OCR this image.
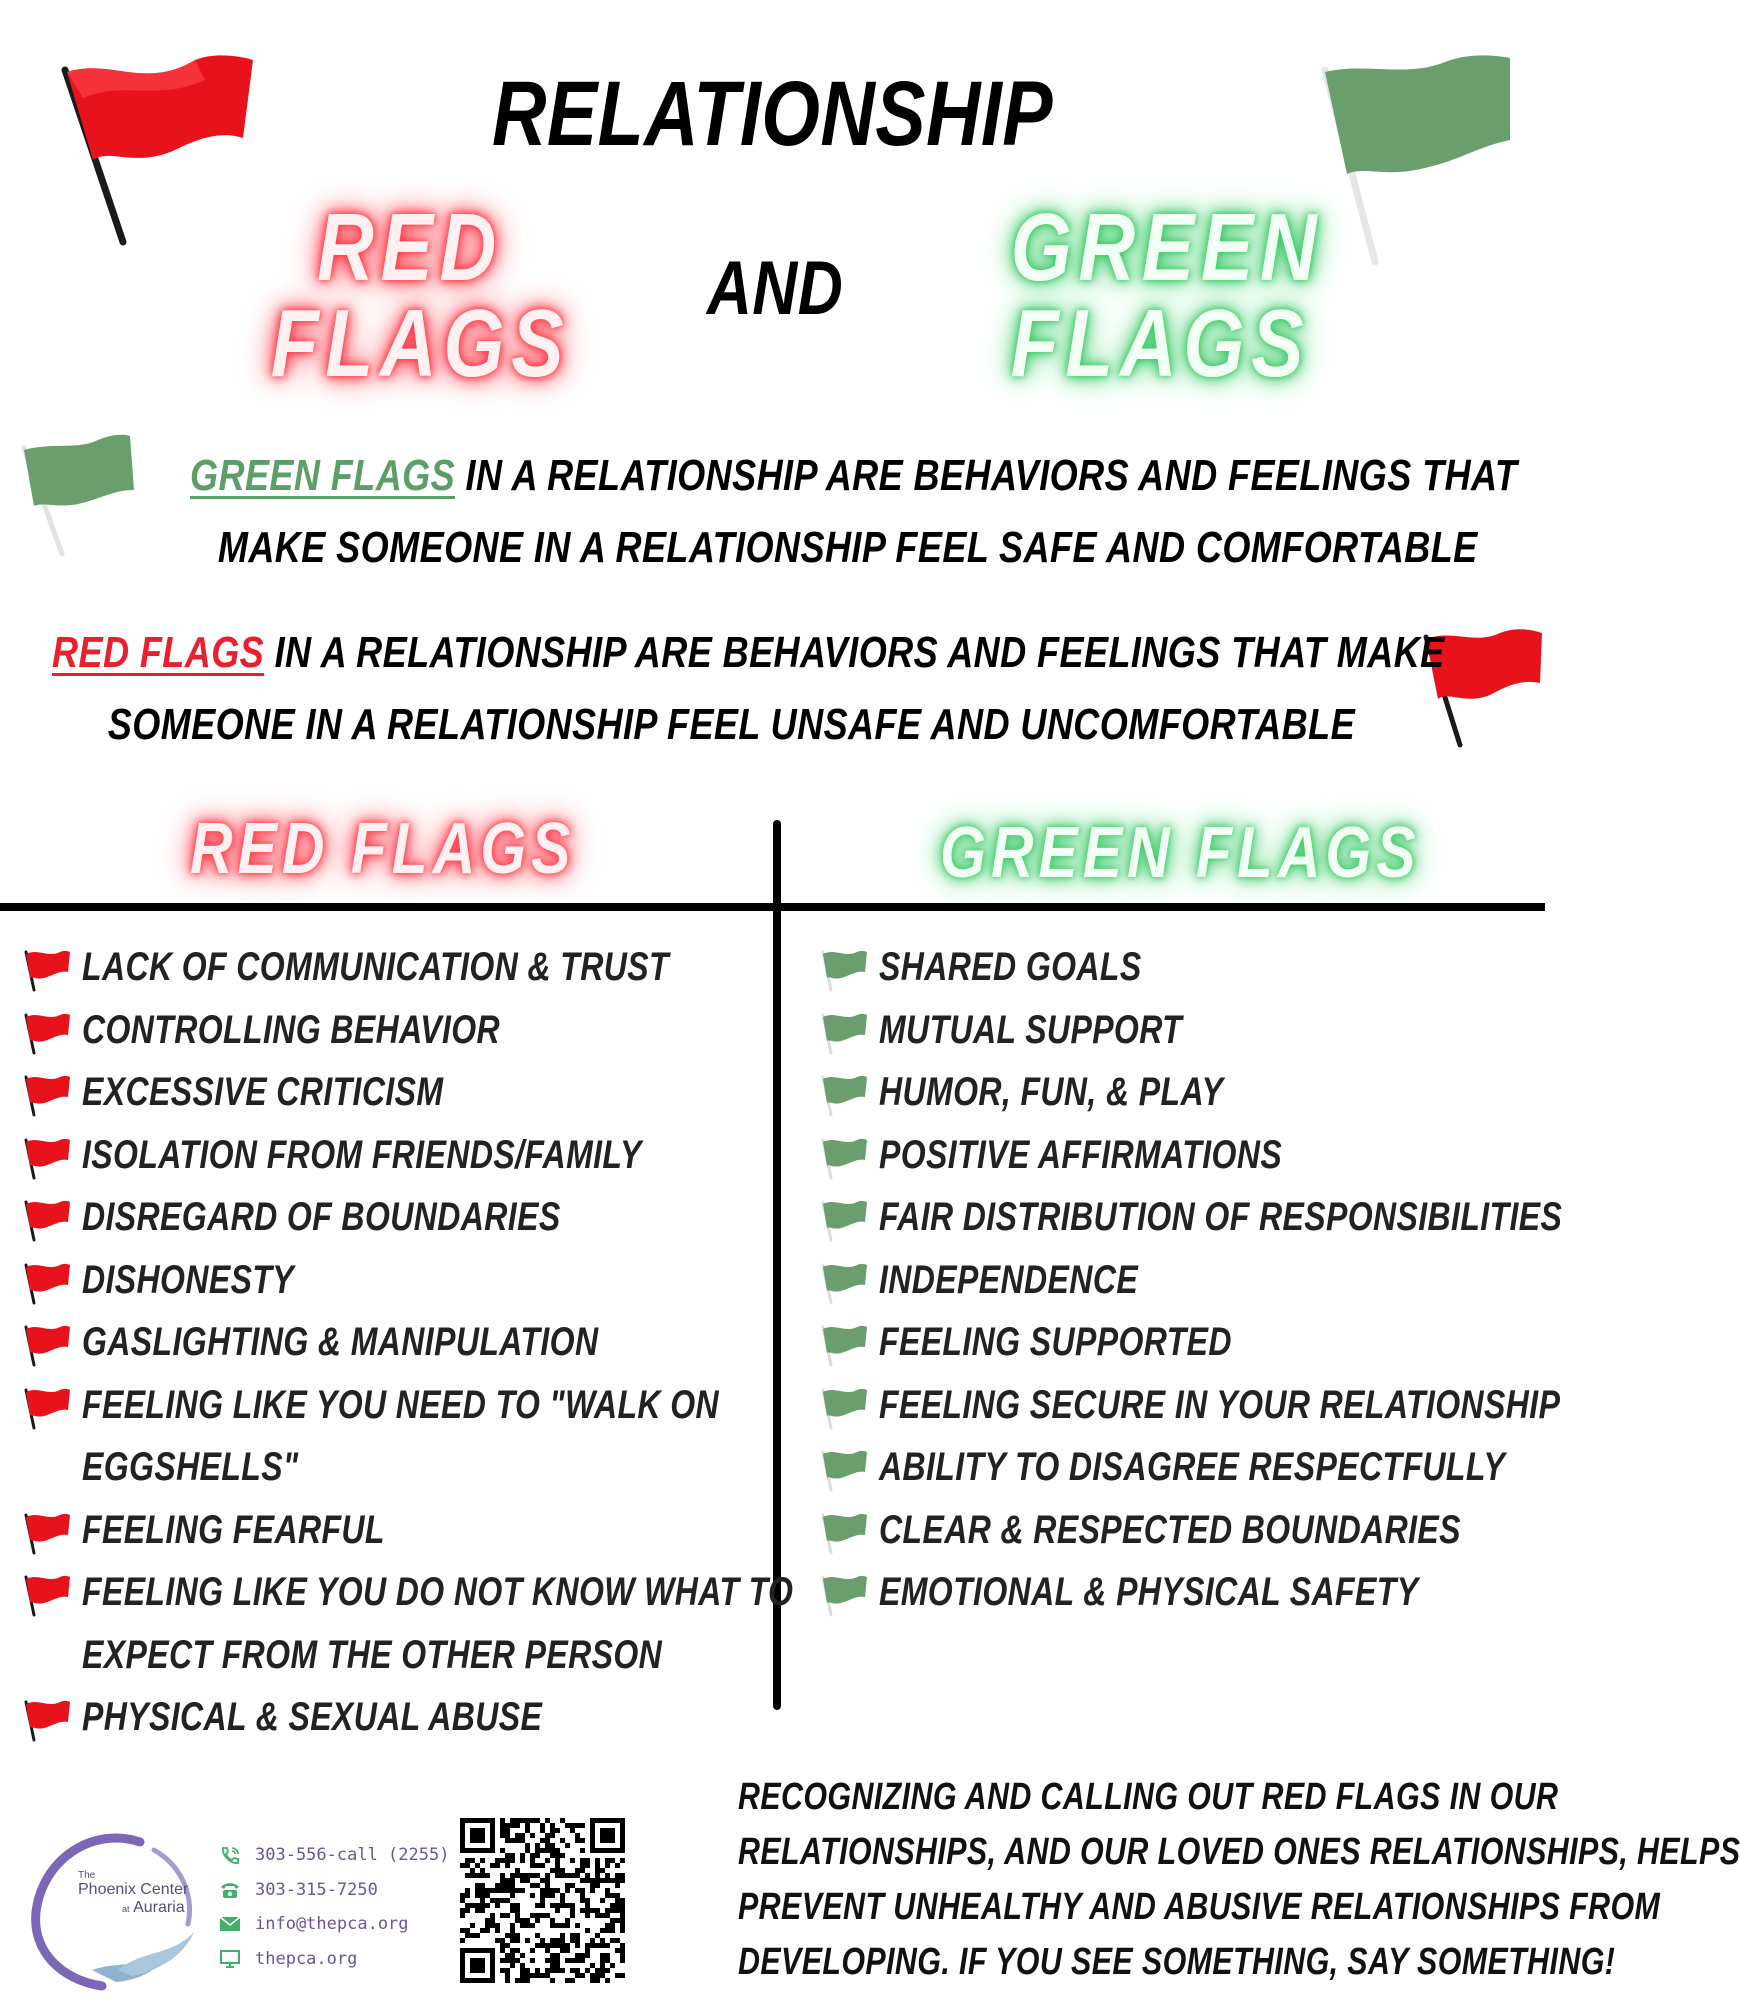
RELATIONSHIP
RED
FLAGS
AND GREEN
FLAGS
GREEN FLAGS IN A RELATIONSHIP ARE BEHAVIORS AND FEELINGS THAT
MAKE SOMEONE IN A RELATIONSHIP FEEL SAFE AND COMFORTABLE
RED FLAGS IN A RELATIONSHIP ARE BEHAVIORS AND FEELINGS THAT MAKE
SOMEONE IN A RELATIONSHIP FEEL UNSAFE AND UNCOMFORTABLE
RED FLAGS	GREEN FLAGS
LACK OF COMMUNICATION & TRUST
CONTROLLING BEHAVIOR
EXCESSIVE CRITICISM
ISOLATION FROM FRIENDS/FAMILY
DISREGARD OF BOUNDARIES
DISHONESTY
GASLIGHTING & MANIPULATION
FEELING LIKE YOU NEED TO "WALK ON
EGGSHELLS"
FEELING FEARFUL
FEELING LIKE YOU DO NOT KNOW WHAT TO
EXPECT FROM THE OTHER PERSON
PHYSICAL & SEXUAL ABUSE
SHARED GOALS
MUTUAL SUPPORT
HUMOR, FUN, & PLAY
POSITIVE AFFIRMATIONS
FAIR DISTRIBUTION OF RESPONSIBILITIES
INDEPENDENCE
FEELING SUPPORTED
FEELING SECURE IN YOUR RELATIONSHIP
ABILITY TO DISAGREE RESPECTFULLY
CLEAR & RESPECTED BOUNDARIES
EMOTIONAL & PHYSICAL SAFETY
The
Phoenix Center
at Auraria
303-556-call (2255)
303-315-7250
info@thepca.org
thepca.org
RECOGNIZING AND CALLING OUT RED FLAGS IN OUR
RELATIONSHIPS, AND OUR LOVED ONES RELATIONSHIPS, HELPS
PREVENT UNHEALTHY AND ABUSIVE RELATIONSHIPS FROM
DEVELOPING. IF YOU SEE SOMETHING, SAY SOMETHING!
